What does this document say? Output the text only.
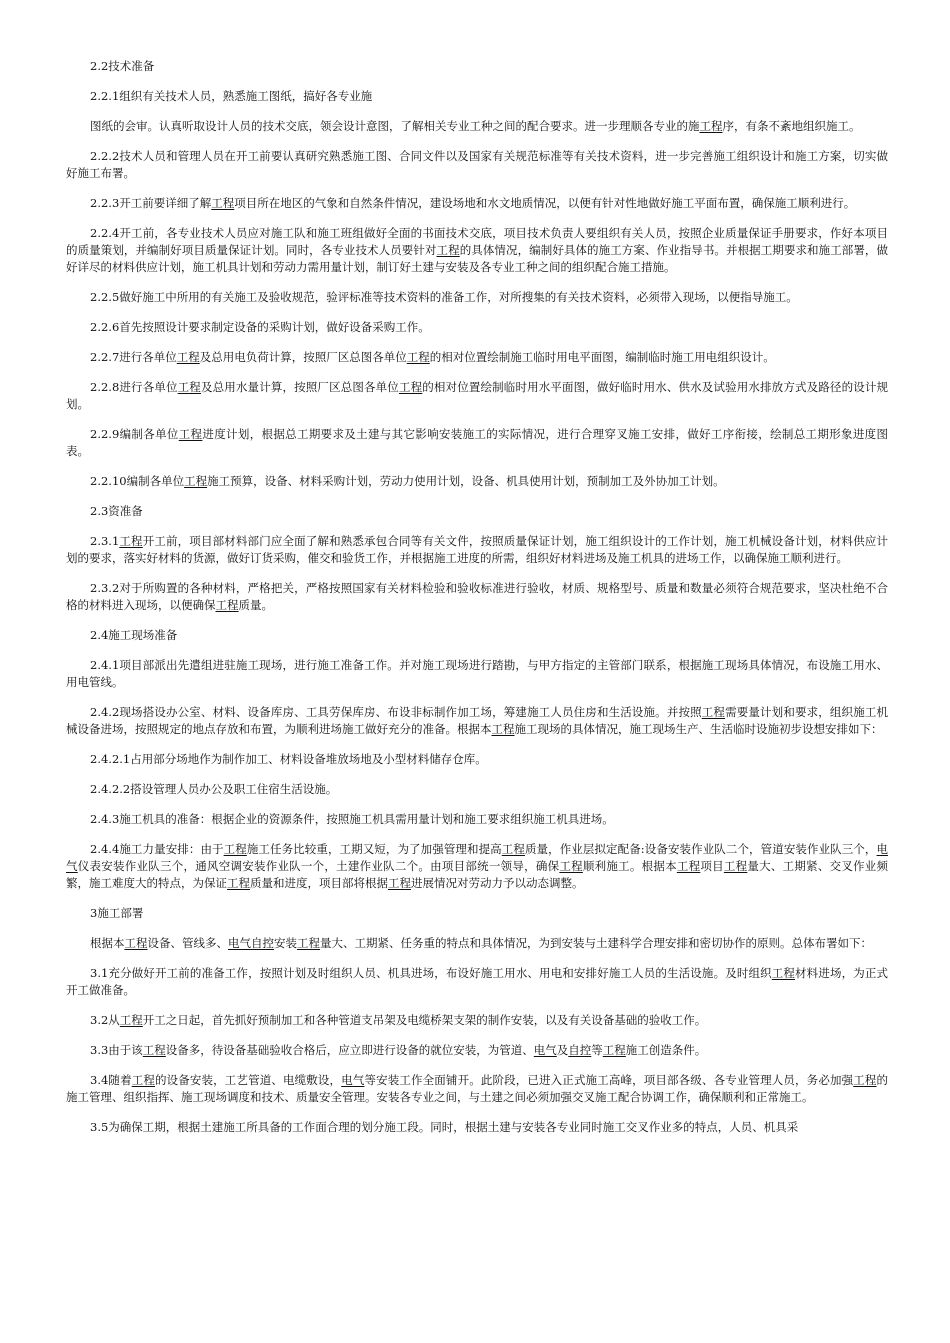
2.2技术准备

2.2.1组织有关技术人员，熟悉施工图纸，搞好各专业施

图纸的会审。认真听取设计人员的技术交底，领会设计意图，了解相关专业工种之间的配合要求。进一步理顺各专业的施工程序，有条不紊地组织施工。

2.2.2技术人员和管理人员在开工前要认真研究熟悉施工图、合同文件以及国家有关规范标准等有关技术资料，进一步完善施工组织设计和施工方案，切实做好施工布署。

2.2.3开工前要详细了解工程项目所在地区的气象和自然条件情况，建设场地和水文地质情况，以便有针对性地做好施工平面布置，确保施工顺利进行。

2.2.4开工前，各专业技术人员应对施工队和施工班组做好全面的书面技术交底，项目技术负责人要组织有关人员，按照企业质量保证手册要求，作好本项目的质量策划，并编制好项目质量保证计划。同时，各专业技术人员要针对工程的具体情况，编制好具体的施工方案、作业指导书。并根据工期要求和施工部署，做好详尽的材料供应计划，施工机具计划和劳动力需用量计划，制订好土建与安装及各专业工种之间的组织配合施工措施。

2.2.5做好施工中所用的有关施工及验收规范，验评标准等技术资料的准备工作，对所搜集的有关技术资料，必须带入现场，以便指导施工。

2.2.6首先按照设计要求制定设备的采购计划，做好设备采购工作。

2.2.7进行各单位工程及总用电负荷计算，按照厂区总图各单位工程的相对位置绘制施工临时用电平面图，编制临时施工用电组织设计。

2.2.8进行各单位工程及总用水量计算，按照厂区总图各单位工程的相对位置绘制临时用水平面图，做好临时用水、供水及试验用水排放方式及路径的设计规划。

2.2.9编制各单位工程进度计划，根据总工期要求及土建与其它影响安装施工的实际情况，进行合理穿叉施工安排，做好工序衔接，绘制总工期形象进度图表。

2.2.10编制各单位工程施工预算，设备、材料采购计划，劳动力使用计划，设备、机具使用计划，预制加工及外协加工计划。

2.3资准备

2.3.1工程开工前，项目部材料部门应全面了解和熟悉承包合同等有关文件，按照质量保证计划，施工组织设计的工作计划，施工机械设备计划，材料供应计划的要求，落实好材料的货源，做好订货采购，催交和验货工作，并根据施工进度的所需，组织好材料进场及施工机具的进场工作，以确保施工顺利进行。

2.3.2对于所购置的各种材料，严格把关，严格按照国家有关材料检验和验收标准进行验收，材质、规格型号、质量和数量必须符合规范要求，坚决杜绝不合格的材料进入现场，以便确保工程质量。

2.4施工现场准备

2.4.1项目部派出先遣组进驻施工现场，进行施工准备工作。并对施工现场进行踏勘，与甲方指定的主管部门联系，根据施工现场具体情况，布设施工用水、用电管线。

2.4.2现场搭设办公室、材料、设备库房、工具劳保库房、布设非标制作加工场，筹建施工人员住房和生活设施。并按照工程需要量计划和要求，组织施工机械设备进场，按照规定的地点存放和布置，为顺利进场施工做好充分的准备。根据本工程施工现场的具体情况，施工现场生产、生活临时设施初步设想安排如下：

2.4.2.1占用部分场地作为制作加工、材料设备堆放场地及小型材料储存仓库。

2.4.2.2搭设管理人员办公及职工住宿生活设施。

2.4.3施工机具的准备：根据企业的资源条件，按照施工机具需用量计划和施工要求组织施工机具进场。

2.4.4施工力量安排：由于工程施工任务比较重，工期又短，为了加强管理和提高工程质量，作业层拟定配备:设备安装作业队二个，管道安装作业队三个，电气仪表安装作业队三个，通风空调安装作业队一个，土建作业队二个。由项目部统一领导，确保工程顺利施工。根据本工程项目工程量大、工期紧、交叉作业频繁，施工难度大的特点，为保证工程质量和进度，项目部将根据工程进展情况对劳动力予以动态调整。

3施工部署

根据本工程设备、管线多、电气自控安装工程量大、工期紧、任务重的特点和具体情况，为到安装与土建科学合理安排和密切协作的原则。总体布署如下：

3.1充分做好开工前的准备工作，按照计划及时组织人员、机具进场，布设好施工用水、用电和安排好施工人员的生活设施。及时组织工程材料进场，为正式开工做准备。

3.2从工程开工之日起，首先抓好预制加工和各种管道支吊架及电缆桥架支架的制作安装，以及有关设备基础的验收工作。

3.3由于该工程设备多，待设备基础验收合格后，应立即进行设备的就位安装，为管道、电气及自控等工程施工创造条件。

3.4随着工程的设备安装，工艺管道、电缆敷设，电气等安装工作全面铺开。此阶段，已进入正式施工高峰，项目部各级、各专业管理人员，务必加强工程的施工管理、组织指挥、施工现场调度和技术、质量安全管理。安装各专业之间，与土建之间必须加强交叉施工配合协调工作，确保顺利和正常施工。

3.5为确保工期，根据土建施工所具备的工作面合理的划分施工段。同时，根据土建与安装各专业同时施工交叉作业多的特点，人员、机具采
